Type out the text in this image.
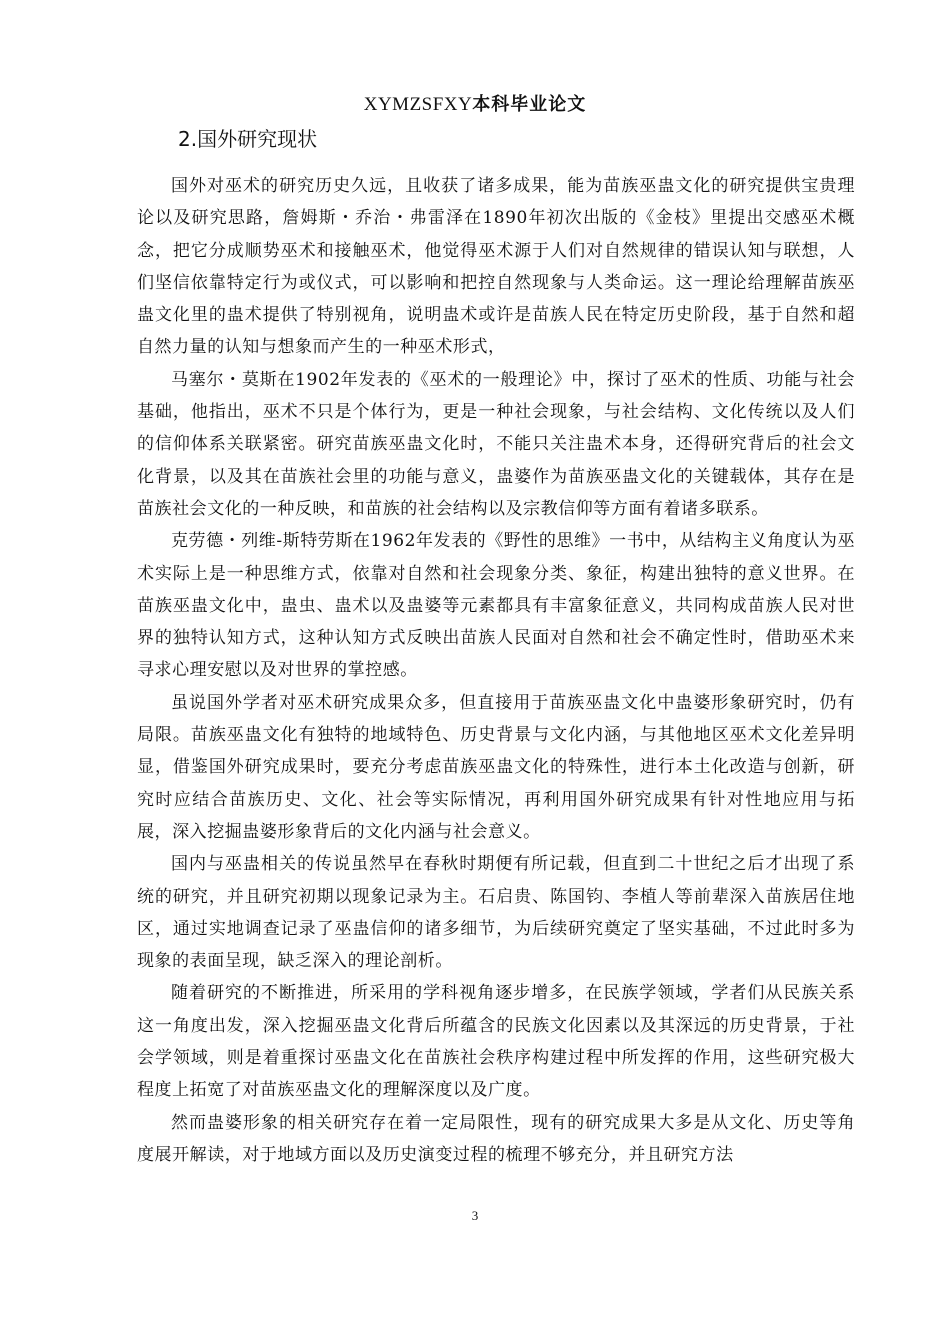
XYMZSFXY本科毕业论文
2.国外研究现状

国外对巫术的研究历史久远，且收获了诸多成果，能为苗族巫蛊文化的研究提供宝贵理论以及研究思路，詹姆斯・乔治・弗雷泽在1890年初次出版的《金枝》里提出交感巫术概念，把它分成顺势巫术和接触巫术，他觉得巫术源于人们对自然规律的错误认知与联想，人们坚信依靠特定行为或仪式，可以影响和把控自然现象与人类命运。这一理论给理解苗族巫蛊文化里的蛊术提供了特别视角，说明蛊术或许是苗族人民在特定历史阶段，基于自然和超自然力量的认知与想象而产生的一种巫术形式，

马塞尔・莫斯在1902年发表的《巫术的一般理论》中，探讨了巫术的性质、功能与社会基础，他指出，巫术不只是个体行为，更是一种社会现象，与社会结构、文化传统以及人们的信仰体系关联紧密。研究苗族巫蛊文化时，不能只关注蛊术本身，还得研究背后的社会文化背景，以及其在苗族社会里的功能与意义，蛊婆作为苗族巫蛊文化的关键载体，其存在是苗族社会文化的一种反映，和苗族的社会结构以及宗教信仰等方面有着诸多联系。

克劳德・列维-斯特劳斯在1962年发表的《野性的思维》一书中，从结构主义角度认为巫术实际上是一种思维方式，依靠对自然和社会现象分类、象征，构建出独特的意义世界。在苗族巫蛊文化中，蛊虫、蛊术以及蛊婆等元素都具有丰富象征意义，共同构成苗族人民对世界的独特认知方式，这种认知方式反映出苗族人民面对自然和社会不确定性时，借助巫术来寻求心理安慰以及对世界的掌控感。

虽说国外学者对巫术研究成果众多，但直接用于苗族巫蛊文化中蛊婆形象研究时，仍有局限。苗族巫蛊文化有独特的地域特色、历史背景与文化内涵，与其他地区巫术文化差异明显，借鉴国外研究成果时，要充分考虑苗族巫蛊文化的特殊性，进行本土化改造与创新，研究时应结合苗族历史、文化、社会等实际情况，再利用国外研究成果有针对性地应用与拓展，深入挖掘蛊婆形象背后的文化内涵与社会意义。

国内与巫蛊相关的传说虽然早在春秋时期便有所记载，但直到二十世纪之后才出现了系统的研究，并且研究初期以现象记录为主。石启贵、陈国钧、李植人等前辈深入苗族居住地区，通过实地调查记录了巫蛊信仰的诸多细节，为后续研究奠定了坚实基础，不过此时多为现象的表面呈现，缺乏深入的理论剖析。

随着研究的不断推进，所采用的学科视角逐步增多，在民族学领域，学者们从民族关系这一角度出发，深入挖掘巫蛊文化背后所蕴含的民族文化因素以及其深远的历史背景，于社会学领域，则是着重探讨巫蛊文化在苗族社会秩序构建过程中所发挥的作用，这些研究极大程度上拓宽了对苗族巫蛊文化的理解深度以及广度。

然而蛊婆形象的相关研究存在着一定局限性，现有的研究成果大多是从文化、历史等角度展开解读，对于地域方面以及历史演变过程的梳理不够充分，并且研究方法

3
